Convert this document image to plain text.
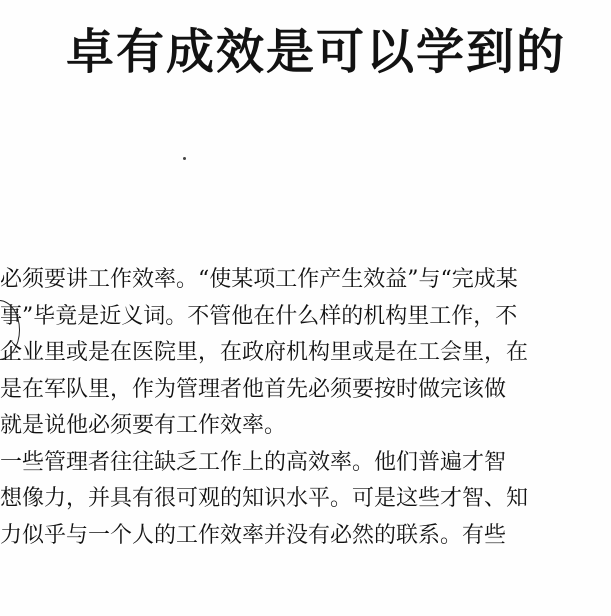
卓有成效是可以学到的
必须要讲工作效率。“使某项工作产生效益”与“完成某
事”毕竟是近义词。不管他在什么样的机构里工作，不
企业里或是在医院里，在政府机构里或是在工会里，在
是在军队里，作为管理者他首先必须要按时做完该做
就是说他必须要有工作效率。
一些管理者往往缺乏工作上的高效率。他们普遍才智
想像力，并具有很可观的知识水平。可是这些才智、知
力似乎与一个人的工作效率并没有必然的联系。有些
